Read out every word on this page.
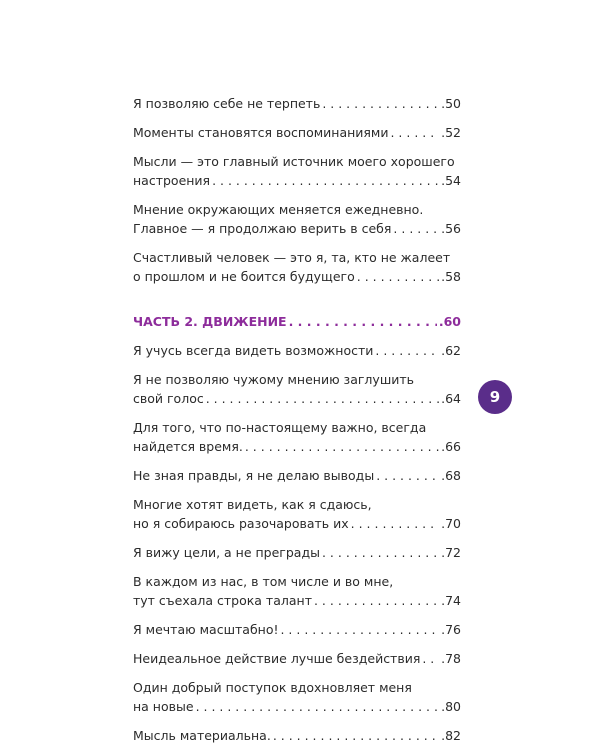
Я позволяю себе не терпеть . . .	.50
Моменты становятся воспоминаниями . . .	.52
Мысли — это главный источник моего хорошего
настроения . . .	.54
Мнение окружающих меняется ежедневно.
Главное — я продолжаю верить в себя . . .	.56
Счастливый человек — это я, та, кто не жалеет
о прошлом и не боится будущего . . .	.58
ЧАСТЬ 2. ДВИЖЕНИЕ . . .	.60
Я учусь всегда видеть возможности . . .	.62
Я не позволяю чужому мнению заглушить
свой голос . . .	.64
Для того, что по-настоящему важно, всегда
найдется время. . . .	.66
Не зная правды, я не делаю выводы . . .	.68
Многие хотят видеть, как я сдаюсь,
но я собираюсь разочаровать их . . .	.70
Я вижу цели, а не преграды . . .	.72
В каждом из нас, в том числе и во мне,
тут съехала строка талант . . .	.74
Я мечтаю масштабно! . . .	.76
Неидеальное действие лучше бездействия . . . .78
Один добрый поступок вдохновляет меня
на новые . . .	.80
Мысль материальна. . . .	.82
9
